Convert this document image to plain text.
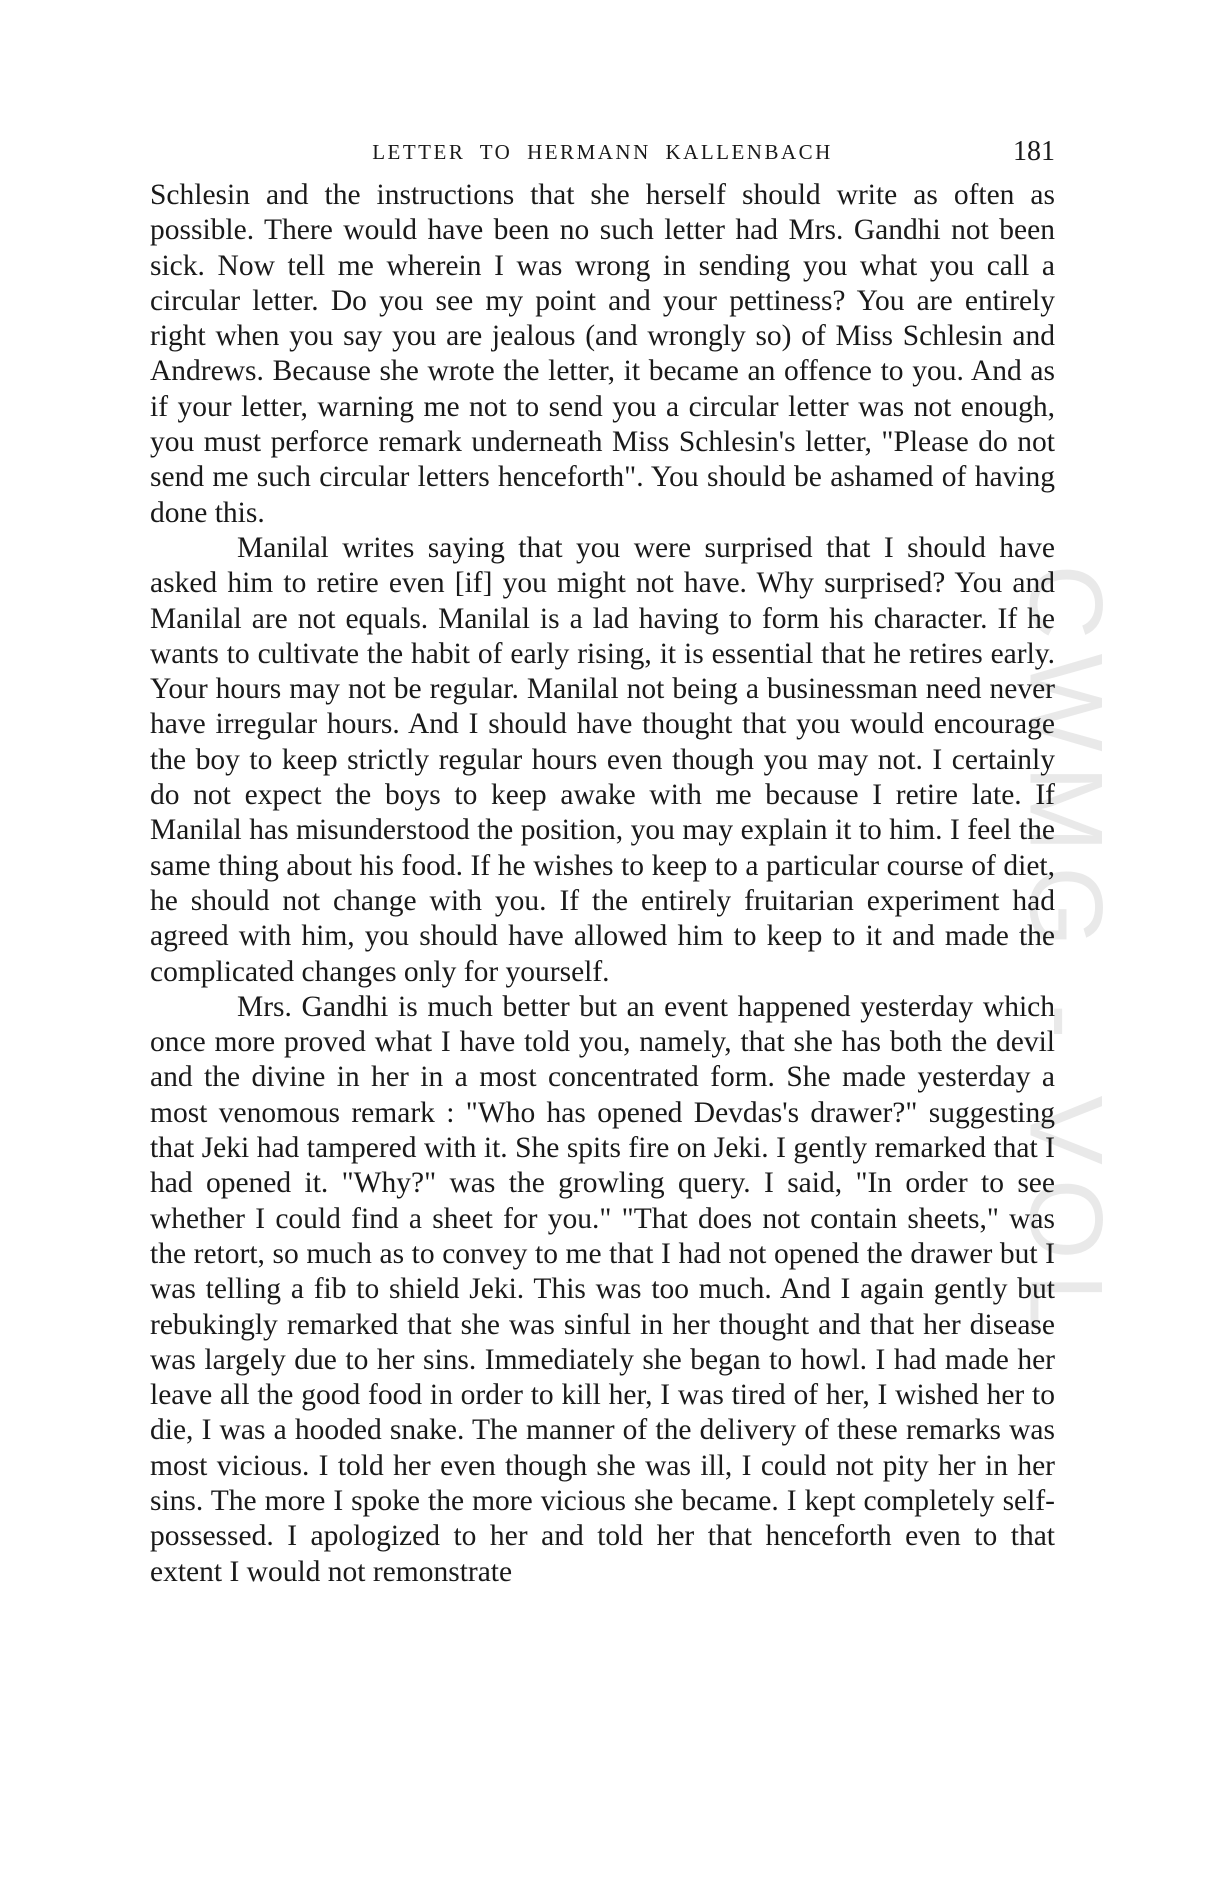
CWMG - VOL
LETTER TO HERMANN KALLENBACH	181

Schlesin and the instructions that she herself should write as often as possible. There would have been no such letter had Mrs. Gandhi not been sick. Now tell me wherein I was wrong in sending you what you call a circular letter. Do you see my point and your pettiness? You are entirely right when you say you are jealous (and wrongly so) of Miss Schlesin and Andrews. Because she wrote the letter, it became an offence to you. And as if your letter, warning me not to send you a circular letter was not enough, you must perforce remark underneath Miss Schlesin's letter, "Please do not send me such circular letters henceforth". You should be ashamed of having done this.

Manilal writes saying that you were surprised that I should have asked him to retire even [if] you might not have. Why surprised? You and Manilal are not equals. Manilal is a lad having to form his character. If he wants to cultivate the habit of early rising, it is essential that he retires early. Your hours may not be regular. Manilal not being a businessman need never have irregular hours. And I should have thought that you would encourage the boy to keep strictly regular hours even though you may not. I certainly do not expect the boys to keep awake with me because I retire late. If Manilal has misunderstood the position, you may explain it to him. I feel the same thing about his food. If he wishes to keep to a particular course of diet, he should not change with you. If the entirely fruitarian experiment had agreed with him, you should have allowed him to keep to it and made the complicated changes only for yourself.

Mrs. Gandhi is much better but an event happened yesterday which once more proved what I have told you, namely, that she has both the devil and the divine in her in a most concentrated form. She made yesterday a most venomous remark : "Who has opened Devdas's drawer?" suggesting that Jeki had tampered with it. She spits fire on Jeki. I gently remarked that I had opened it. "Why?" was the growling query. I said, "In order to see whether I could find a sheet for you." "That does not contain sheets," was the retort, so much as to convey to me that I had not opened the drawer but I was telling a fib to shield Jeki. This was too much. And I again gently but rebukingly remarked that she was sinful in her thought and that her disease was largely due to her sins. Immediately she began to howl. I had made her leave all the good food in order to kill her, I was tired of her, I wished her to die, I was a hooded snake. The manner of the delivery of these remarks was most vicious. I told her even though she was ill, I could not pity her in her sins. The more I spoke the more vicious she became. I kept completely self-possessed. I apologized to her and told her that henceforth even to that extent I would not remonstrate
